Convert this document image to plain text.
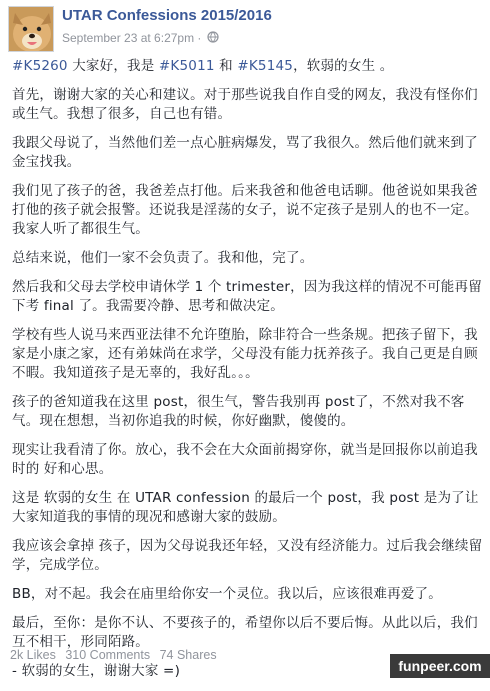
UTAR Confessions 2015/2016
September 23 at 6:27pm ·

#K5260 大家好，我是 #K5011 和 #K5145，软弱的女生 。

首先，谢谢大家的关心和建议。对于那些说我自作自受的网友，我没有怪你们或生气。我想了很多，自己也有错。

我跟父母说了，当然他们差一点心脏病爆发，骂了我很久。然后他们就来到了金宝找我。

我们见了孩子的爸，我爸差点打他。后来我爸和他爸电话聊。他爸说如果我爸打他的孩子就会报警。还说我是淫荡的女子，说不定孩子是别人的也不一定。我家人听了都很生气。

总结来说，他们一家不会负责了。我和他，完了。

然后我和父母去学校申请休学 1 个 trimester，因为我这样的情况不可能再留下考 final 了。我需要冷静、思考和做决定。

学校有些人说马来西亚法律不允许堕胎，除非符合一些条规。把孩子留下，我家是小康之家，还有弟妹尚在求学，父母没有能力抚养孩子。我自己更是自顾不暇。我知道孩子是无辜的，我好乱。。。

孩子的爸知道我在这里 post，很生气，警告我别再 post了，不然对我不客气。现在想想，当初你追我的时候，你好幽默，傻傻的。

现实让我看清了你。放心，我不会在大众面前揭穿你，就当是回报你以前追我时的 好和心思。

这是 软弱的女生 在 UTAR confession 的最后一个 post，我 post 是为了让大家知道我的事情的现况和感谢大家的鼓励。

我应该会拿掉 孩子，因为父母说我还年轻，又没有经济能力。过后我会继续留学，完成学位。

BB，对不起。我会在庙里给你安一个灵位。我以后，应该很难再爱了。

最后，至你：是你不认、不要孩子的，希望你以后不要后悔。从此以后，我们互不相干，形同陌路。

- 软弱的女生，谢谢大家 =)

2k Likes 310 Comments 74 Shares
funpeer.com
